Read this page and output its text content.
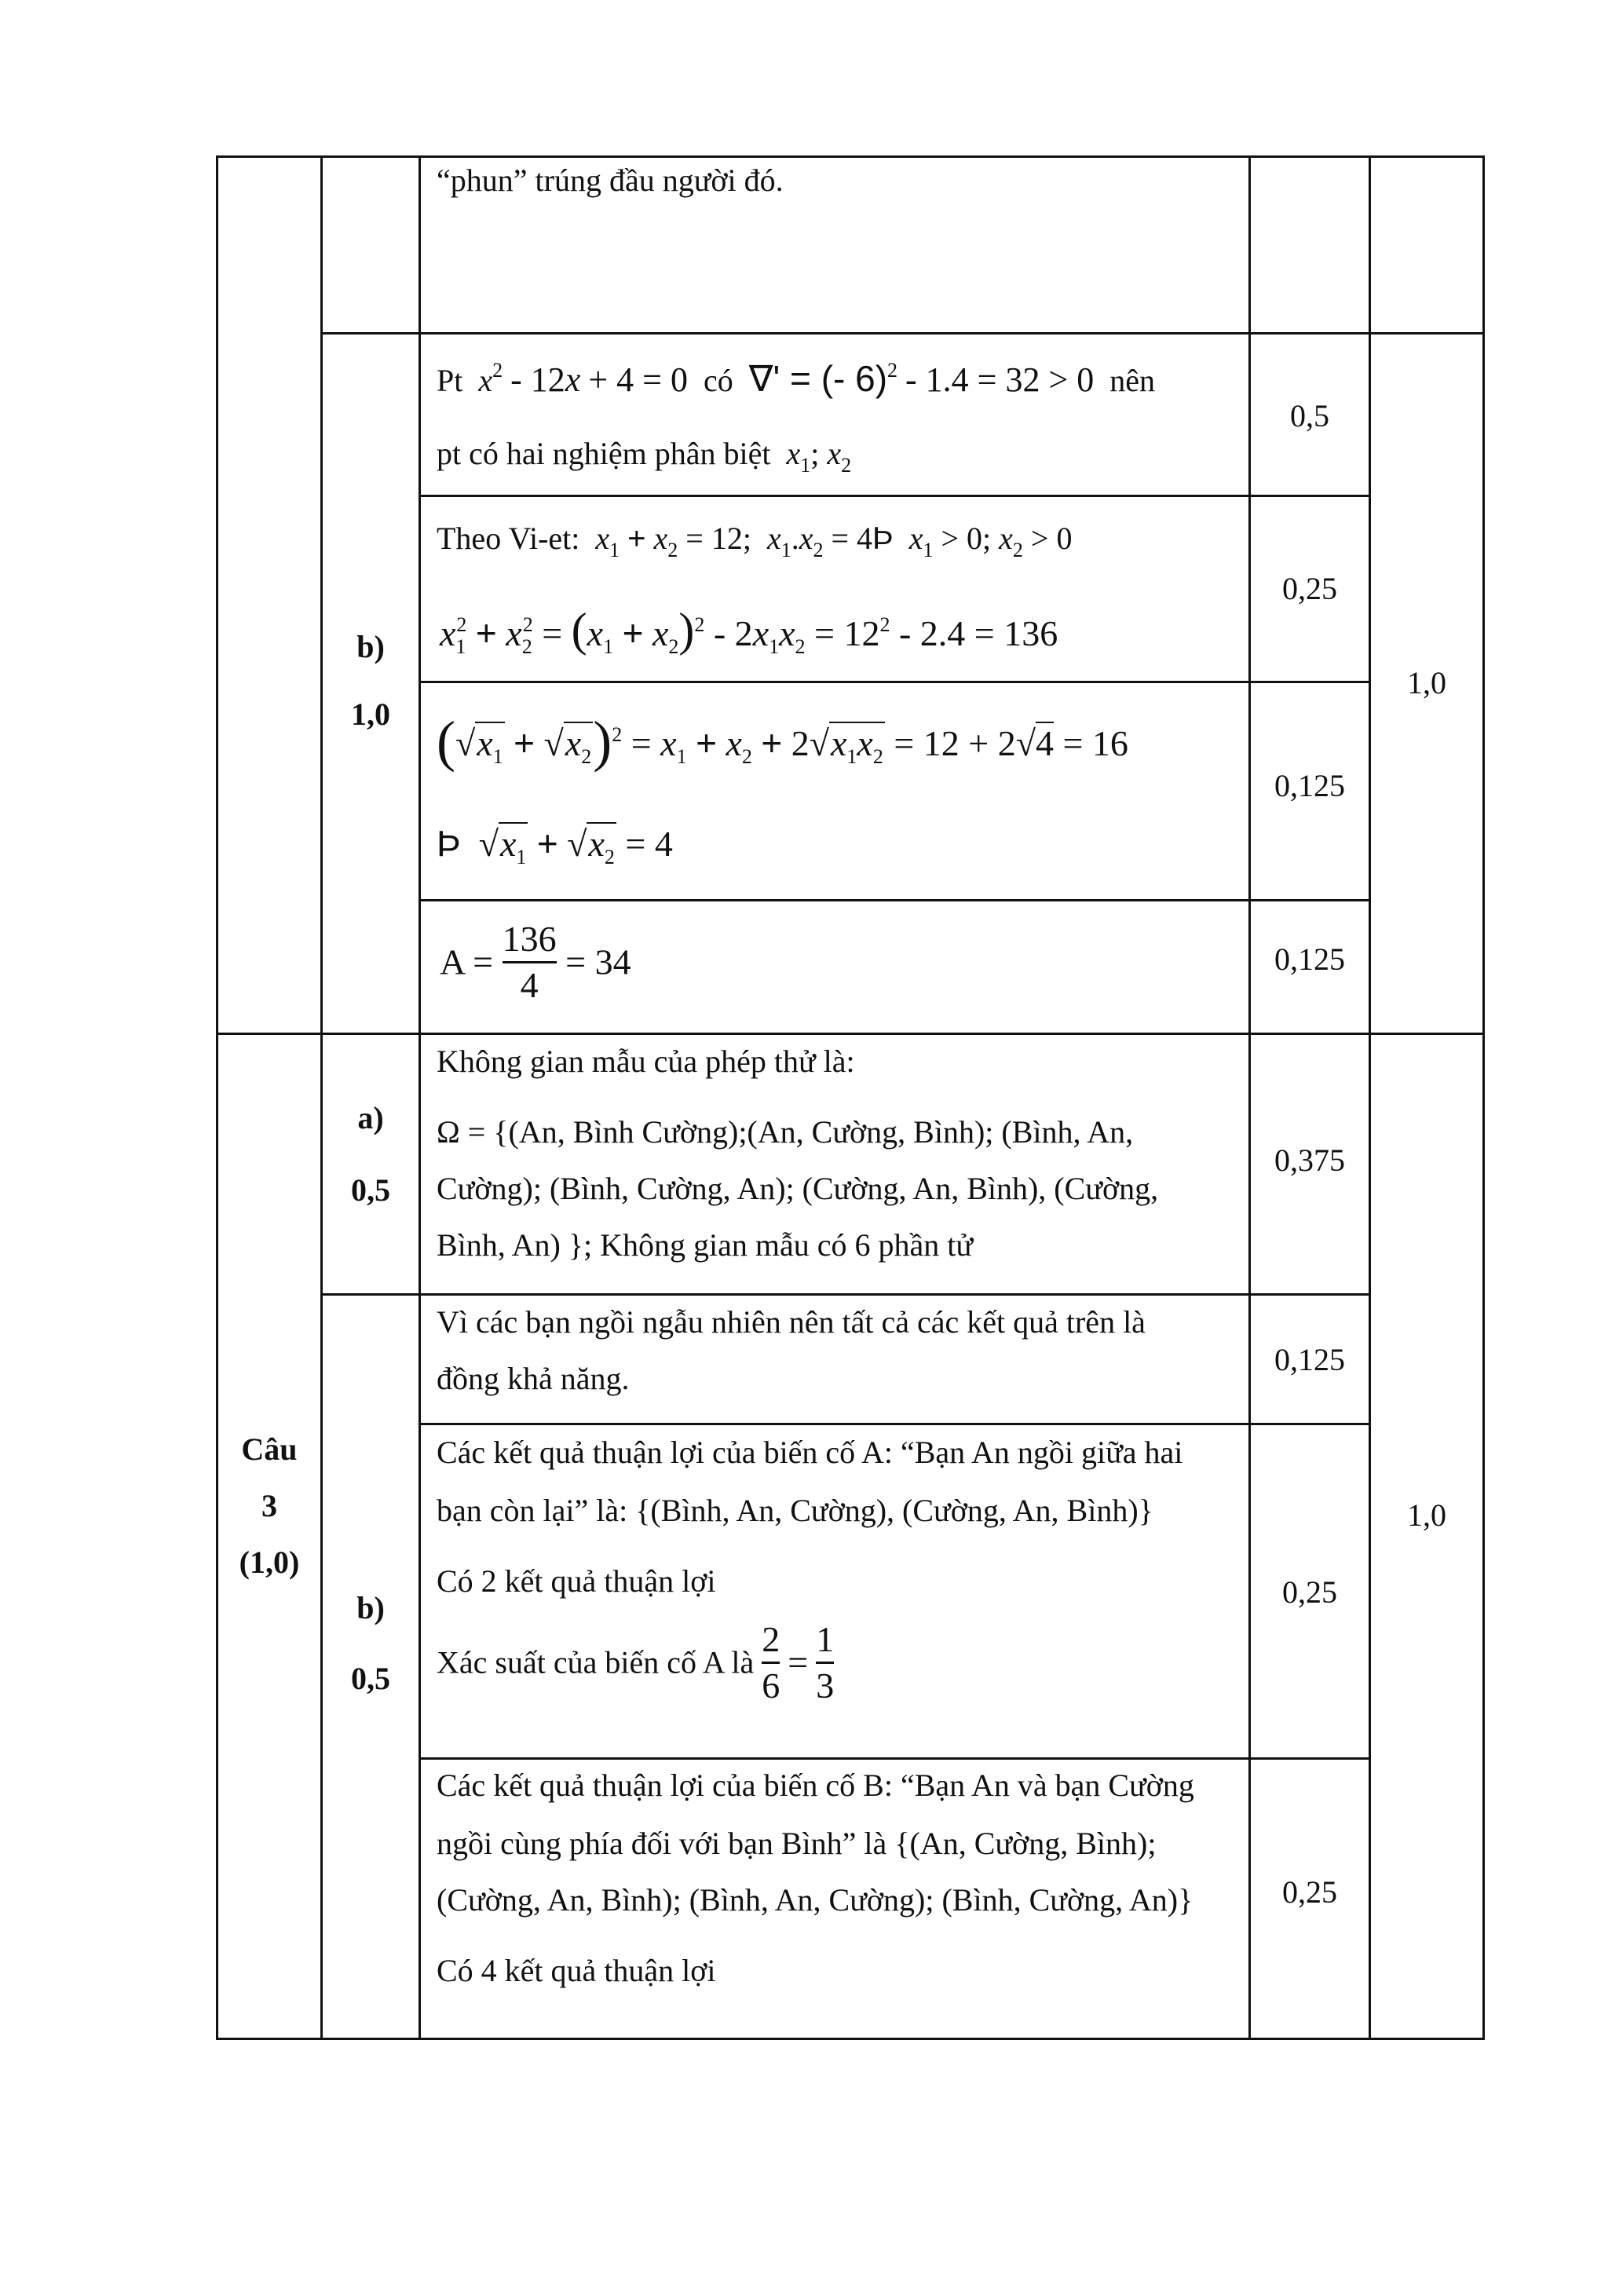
“phun” trúng đầu người đó.
b)
1,0
1,0
Pt $x^2 - 12x + 4 = 0$ có ∇' = (- 6)$^2$ - 1.4 = 32 > 0 nên
pt có hai nghiệm phân biệt $x_1$; $x_2$
0,5
Theo Vi-et: $x_1 + x_2 = 12$; $x_1.x_2$ = 4Þ $x_1 > 0$; $x_2 > 0$
$x_1^2 + x_2^2 = (x_1 + x_2)^2 - 2x_1x_2 = 12^2 - 2.4 = 136$
0,25
$(√x_1 + √x_2)^2 = x_1 + x_2 + 2√x_1x_2 = 12 + 2√4 = 16$
Þ  $√x_1 + √x_2 = 4$
0,125
$A = \frac{136}{4} = 34$	0,125
Câu
3
(1,0)
a)
0,5
Không gian mẫu của phép thử là:
Ω = {(An, Bình Cường);(An, Cường, Bình); (Bình, An,
Cường); (Bình, Cường, An); (Cường, An, Bình), (Cường,
Bình, An) }; Không gian mẫu có 6 phần tử
0,375
b)
0,5
1,0
Vì các bạn ngồi ngẫu nhiên nên tất cả các kết quả trên là
đồng khả năng.
0,125
Các kết quả thuận lợi của biến cố A: “Bạn An ngồi giữa hai
bạn còn lại” là: {(Bình, An, Cường), (Cường, An, Bình)}
Có 2 kết quả thuận lợi
Xác suất của biến cố A là $\frac{2}{6} = \frac{1}{3}$
0,25
Các kết quả thuận lợi của biến cố B: “Bạn An và bạn Cường
ngồi cùng phía đối với bạn Bình” là {(An, Cường, Bình);
(Cường, An, Bình); (Bình, An, Cường); (Bình, Cường, An)}
Có 4 kết quả thuận lợi
0,25
